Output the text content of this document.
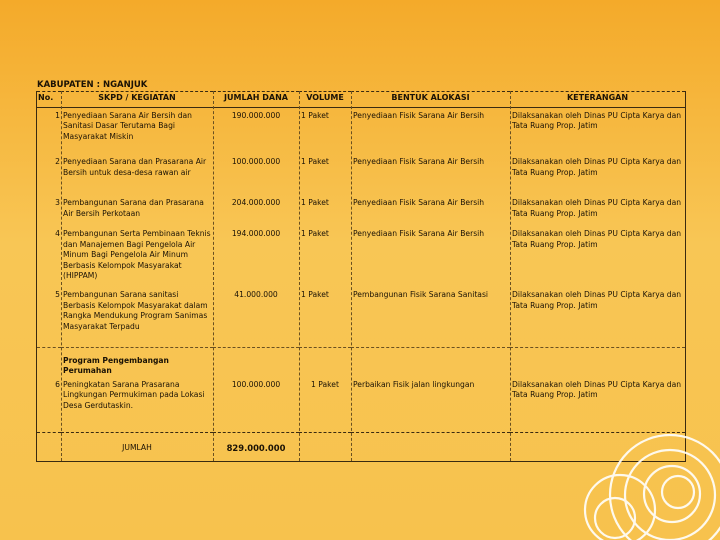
KABUPATEN : NGANJUK
No.	SKPD / KEGIATAN	JUMLAH DANA	VOLUME	BENTUK ALOKASI	KETERANGAN
1	Penyediaan Sarana Air Bersih dan Sanitasi Dasar Terutama Bagi Masyarakat Miskin	190.000.000	1 Paket	Penyediaan Fisik Sarana Air Bersih	Dilaksanakan oleh Dinas PU Cipta Karya dan Tata Ruang Prop. Jatim
2	Penyediaan Sarana dan Prasarana Air Bersih untuk desa-desa rawan air	100.000.000	1 Paket	Penyediaan Fisik Sarana Air Bersih	Dilaksanakan oleh Dinas PU Cipta Karya dan Tata Ruang Prop. Jatim
3	Pembangunan Sarana dan Prasarana Air Bersih Perkotaan	204.000.000	1 Paket	Penyediaan Fisik Sarana Air Bersih	Dilaksanakan oleh Dinas PU Cipta Karya dan Tata Ruang Prop. Jatim
4	Pembangunan Serta Pembinaan Teknis dan Manajemen Bagi Pengelola Air Minum Bagi Pengelola Air Minum Berbasis Kelompok Masyarakat (HIPPAM)	194.000.000	1 Paket	Penyediaan Fisik Sarana Air Bersih	Dilaksanakan oleh Dinas PU Cipta Karya dan Tata Ruang Prop. Jatim
5	Pembangunan Sarana sanitasi Berbasis Kelompok Masyarakat dalam Rangka Mendukung Program Sanimas Masyarakat Terpadu	41.000.000	1 Paket	Pembangunan Fisik Sarana Sanitasi	Dilaksanakan oleh Dinas PU Cipta Karya dan Tata Ruang Prop. Jatim
	Program Pengembangan Perumahan				
6	Peningkatan Sarana Prasarana Lingkungan Permukiman pada Lokasi Desa Gerdutaskin.	100.000.000	1 Paket	Perbaikan Fisik jalan lingkungan	Dilaksanakan oleh Dinas PU Cipta Karya dan Tata Ruang Prop. Jatim
	JUMLAH	829.000.000			
